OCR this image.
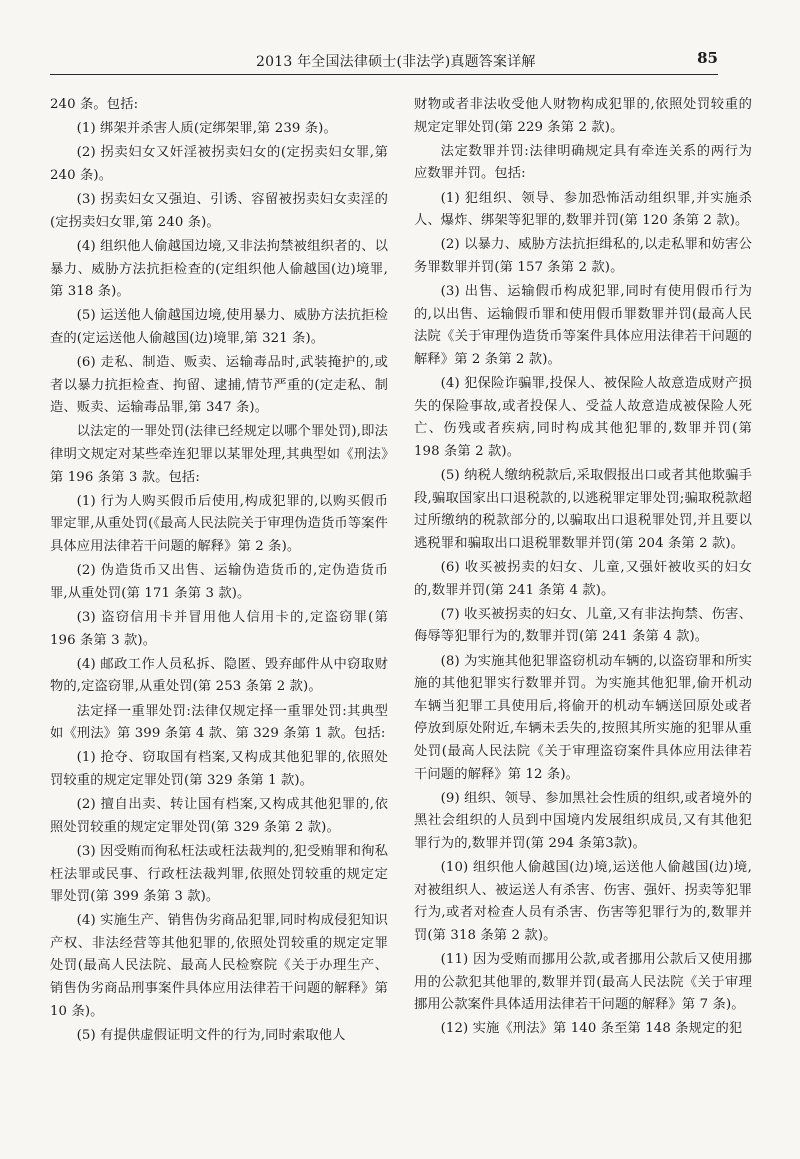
2013 年全国法律硕士(非法学)真题答案详解	85

240 条。包括:

(1) 绑架并杀害人质(定绑架罪,第 239 条)。

(2) 拐卖妇女又奸淫被拐卖妇女的(定拐卖妇女罪,第 240 条)。

(3) 拐卖妇女又强迫、引诱、容留被拐卖妇女卖淫的(定拐卖妇女罪,第 240 条)。

(4) 组织他人偷越国边境,又非法拘禁被组织者的、以暴力、威胁方法抗拒检查的(定组织他人偷越国(边)境罪,第 318 条)。

(5) 运送他人偷越国边境,使用暴力、威胁方法抗拒检查的(定运送他人偷越国(边)境罪,第 321 条)。

(6) 走私、制造、贩卖、运输毒品时,武装掩护的,或者以暴力抗拒检查、拘留、逮捕,情节严重的(定走私、制造、贩卖、运输毒品罪,第 347 条)。

以法定的一罪处罚(法律已经规定以哪个罪处罚),即法律明文规定对某些牵连犯罪以某罪处理,其典型如《刑法》第 196 条第 3 款。包括:

(1) 行为人购买假币后使用,构成犯罪的,以购买假币罪定罪,从重处罚(《最高人民法院关于审理伪造货币等案件具体应用法律若干问题的解释》第 2 条)。

(2) 伪造货币又出售、运输伪造货币的,定伪造货币罪,从重处罚(第 171 条第 3 款)。

(3) 盗窃信用卡并冒用他人信用卡的,定盗窃罪(第 196 条第 3 款)。

(4) 邮政工作人员私拆、隐匿、毁弃邮件从中窃取财物的,定盗窃罪,从重处罚(第 253 条第 2 款)。

法定择一重罪处罚:法律仅规定择一重罪处罚:其典型如《刑法》第 399 条第 4 款、第 329 条第 1 款。包括:

(1) 抢夺、窃取国有档案,又构成其他犯罪的,依照处罚较重的规定定罪处罚(第 329 条第 1 款)。

(2) 擅自出卖、转让国有档案,又构成其他犯罪的,依照处罚较重的规定定罪处罚(第 329 条第 2 款)。

(3) 因受贿而徇私枉法或枉法裁判的,犯受贿罪和徇私枉法罪或民事、行政枉法裁判罪,依照处罚较重的规定定罪处罚(第 399 条第 3 款)。

(4) 实施生产、销售伪劣商品犯罪,同时构成侵犯知识产权、非法经营等其他犯罪的,依照处罚较重的规定定罪处罚(最高人民法院、最高人民检察院《关于办理生产、销售伪劣商品刑事案件具体应用法律若干问题的解释》第 10 条)。

(5) 有提供虚假证明文件的行为,同时索取他人

财物或者非法收受他人财物构成犯罪的,依照处罚较重的规定定罪处罚(第 229 条第 2 款)。

法定数罪并罚:法律明确规定具有牵连关系的两行为应数罪并罚。包括:

(1) 犯组织、领导、参加恐怖活动组织罪,并实施杀人、爆炸、绑架等犯罪的,数罪并罚(第 120 条第 2 款)。

(2) 以暴力、威胁方法抗拒缉私的,以走私罪和妨害公务罪数罪并罚(第 157 条第 2 款)。

(3) 出售、运输假币构成犯罪,同时有使用假币行为的,以出售、运输假币罪和使用假币罪数罪并罚(最高人民法院《关于审理伪造货币等案件具体应用法律若干问题的解释》第 2 条第 2 款)。

(4) 犯保险诈骗罪,投保人、被保险人故意造成财产损失的保险事故,或者投保人、受益人故意造成被保险人死亡、伤残或者疾病,同时构成其他犯罪的,数罪并罚(第 198 条第 2 款)。

(5) 纳税人缴纳税款后,采取假报出口或者其他欺骗手段,骗取国家出口退税款的,以逃税罪定罪处罚;骗取税款超过所缴纳的税款部分的,以骗取出口退税罪处罚,并且要以逃税罪和骗取出口退税罪数罪并罚(第 204 条第 2 款)。

(6) 收买被拐卖的妇女、儿童,又强奸被收买的妇女的,数罪并罚(第 241 条第 4 款)。

(7) 收买被拐卖的妇女、儿童,又有非法拘禁、伤害、侮辱等犯罪行为的,数罪并罚(第 241 条第 4 款)。

(8) 为实施其他犯罪盗窃机动车辆的,以盗窃罪和所实施的其他犯罪实行数罪并罚。为实施其他犯罪,偷开机动车辆当犯罪工具使用后,将偷开的机动车辆送回原处或者停放到原处附近,车辆未丢失的,按照其所实施的犯罪从重处罚(最高人民法院《关于审理盗窃案件具体应用法律若干问题的解释》第 12 条)。

(9) 组织、领导、参加黑社会性质的组织,或者境外的黑社会组织的人员到中国境内发展组织成员,又有其他犯罪行为的,数罪并罚(第 294 条第3款)。

(10) 组织他人偷越国(边)境,运送他人偷越国(边)境,对被组织人、被运送人有杀害、伤害、强奸、拐卖等犯罪行为,或者对检查人员有杀害、伤害等犯罪行为的,数罪并罚(第 318 条第 2 款)。

(11) 因为受贿而挪用公款,或者挪用公款后又使用挪用的公款犯其他罪的,数罪并罚(最高人民法院《关于审理挪用公款案件具体适用法律若干问题的解释》第 7 条)。

(12) 实施《刑法》第 140 条至第 148 条规定的犯
